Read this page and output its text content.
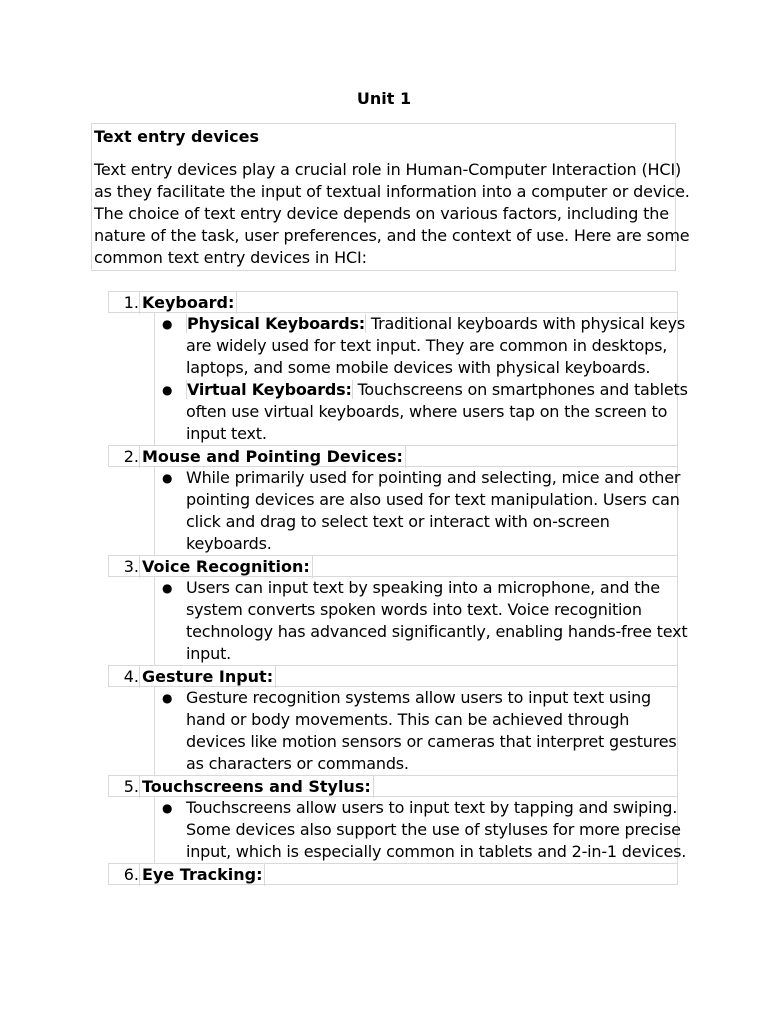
Unit 1
Text entry devices
Text entry devices play a crucial role in Human-Computer Interaction (HCI)
as they facilitate the input of textual information into a computer or device.
The choice of text entry device depends on various factors, including the
nature of the task, user preferences, and the context of use. Here are some
common text entry devices in HCI:
1. Keyboard:
● Physical Keyboards: Traditional keyboards with physical keys
are widely used for text input. They are common in desktops,
laptops, and some mobile devices with physical keyboards.
● Virtual Keyboards: Touchscreens on smartphones and tablets
often use virtual keyboards, where users tap on the screen to
input text.
2. Mouse and Pointing Devices:
● While primarily used for pointing and selecting, mice and other
pointing devices are also used for text manipulation. Users can
click and drag to select text or interact with on-screen
keyboards.
3. Voice Recognition:
● Users can input text by speaking into a microphone, and the
system converts spoken words into text. Voice recognition
technology has advanced significantly, enabling hands-free text
input.
4. Gesture Input:
● Gesture recognition systems allow users to input text using
hand or body movements. This can be achieved through
devices like motion sensors or cameras that interpret gestures
as characters or commands.
5. Touchscreens and Stylus:
● Touchscreens allow users to input text by tapping and swiping.
Some devices also support the use of styluses for more precise
input, which is especially common in tablets and 2-in-1 devices.
6. Eye Tracking:
